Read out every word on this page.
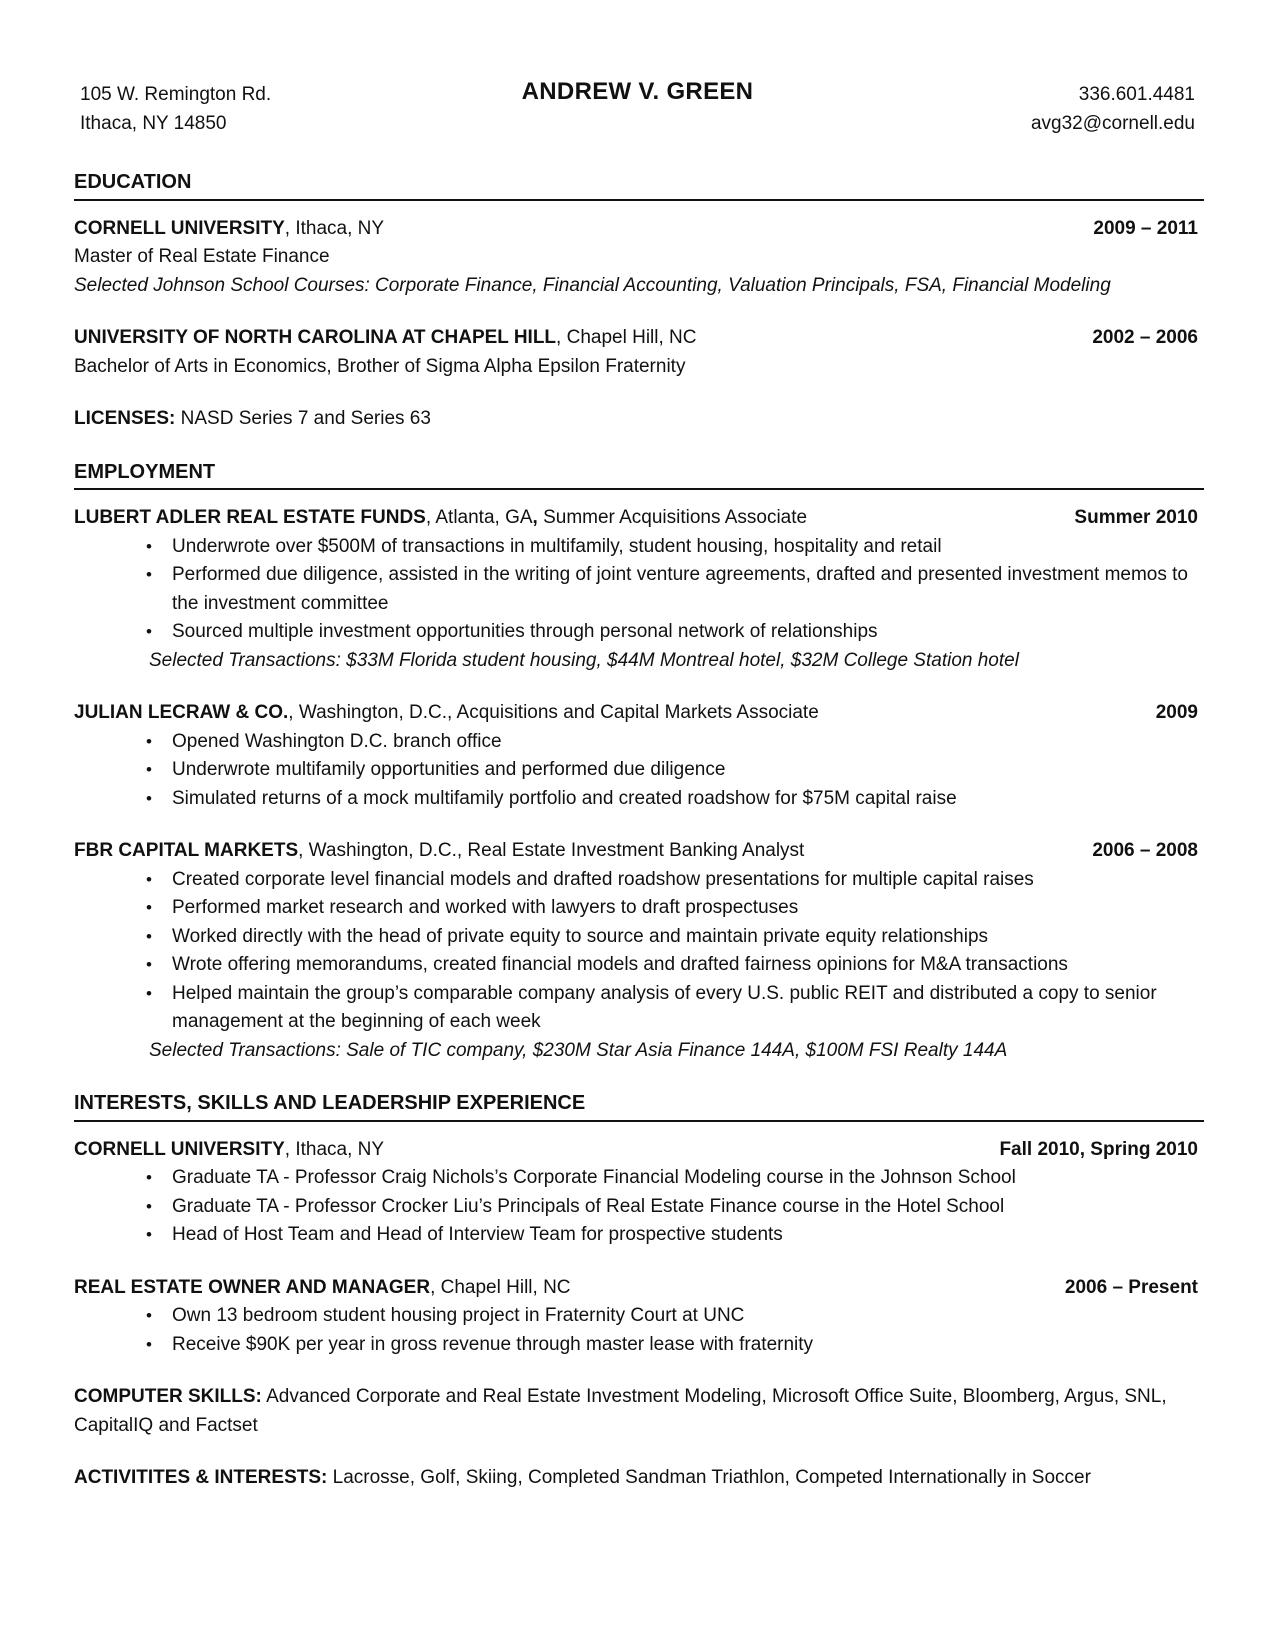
105 W. Remington Rd.
Ithaca, NY 14850
ANDREW V. GREEN	336.601.4481
avg32@cornell.edu
EDUCATION
CORNELL UNIVERSITY, Ithaca, NY	2009 – 2011
Master of Real Estate Finance
Selected Johnson School Courses: Corporate Finance, Financial Accounting, Valuation Principals, FSA, Financial Modeling
UNIVERSITY OF NORTH CAROLINA AT CHAPEL HILL, Chapel Hill, NC	2002 – 2006
Bachelor of Arts in Economics, Brother of Sigma Alpha Epsilon Fraternity
LICENSES: NASD Series 7 and Series 63
EMPLOYMENT
LUBERT ADLER REAL ESTATE FUNDS, Atlanta, GA, Summer Acquisitions Associate	Summer 2010
• Underwrote over $500M of transactions in multifamily, student housing, hospitality and retail
• Performed due diligence, assisted in the writing of joint venture agreements, drafted and presented investment memos to the investment committee
• Sourced multiple investment opportunities through personal network of relationships
Selected Transactions: $33M Florida student housing, $44M Montreal hotel, $32M College Station hotel
JULIAN LECRAW & CO., Washington, D.C., Acquisitions and Capital Markets Associate	2009
• Opened Washington D.C. branch office
• Underwrote multifamily opportunities and performed due diligence
• Simulated returns of a mock multifamily portfolio and created roadshow for $75M capital raise
FBR CAPITAL MARKETS, Washington, D.C., Real Estate Investment Banking Analyst	2006 – 2008
• Created corporate level financial models and drafted roadshow presentations for multiple capital raises
• Performed market research and worked with lawyers to draft prospectuses
• Worked directly with the head of private equity to source and maintain private equity relationships
• Wrote offering memorandums, created financial models and drafted fairness opinions for M&A transactions
• Helped maintain the group’s comparable company analysis of every U.S. public REIT and distributed a copy to senior management at the beginning of each week
Selected Transactions: Sale of TIC company, $230M Star Asia Finance 144A, $100M FSI Realty 144A
INTERESTS, SKILLS AND LEADERSHIP EXPERIENCE
CORNELL UNIVERSITY, Ithaca, NY	Fall 2010, Spring 2010
• Graduate TA - Professor Craig Nichols’s Corporate Financial Modeling course in the Johnson School
• Graduate TA - Professor Crocker Liu’s Principals of Real Estate Finance course in the Hotel School
• Head of Host Team and Head of Interview Team for prospective students
REAL ESTATE OWNER AND MANAGER, Chapel Hill, NC	2006 – Present
• Own 13 bedroom student housing project in Fraternity Court at UNC
• Receive $90K per year in gross revenue through master lease with fraternity
COMPUTER SKILLS: Advanced Corporate and Real Estate Investment Modeling, Microsoft Office Suite, Bloomberg, Argus, SNL, CapitalIQ and Factset
ACTIVITITES & INTERESTS: Lacrosse, Golf, Skiing, Completed Sandman Triathlon, Competed Internationally in Soccer
